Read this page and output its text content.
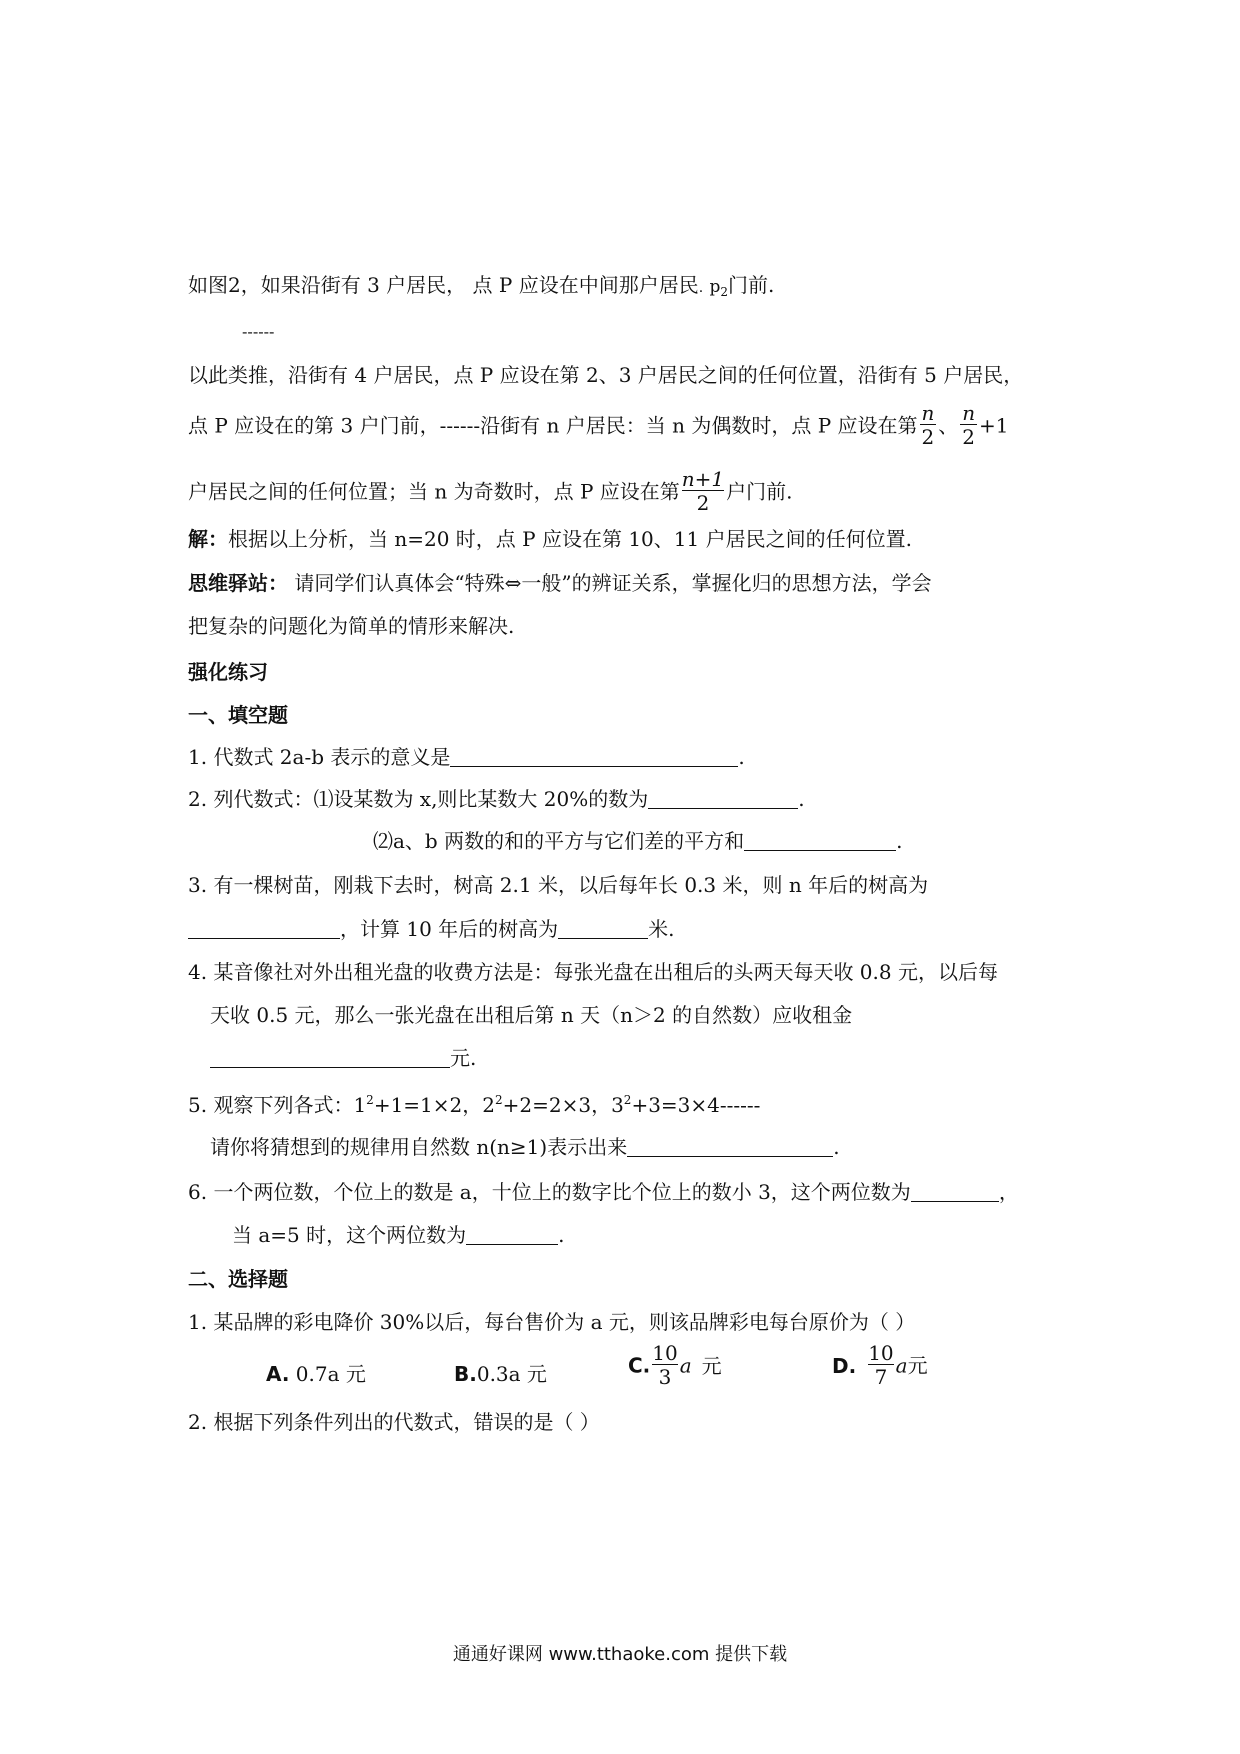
如图2，如果沿街有 3 户居民， 点 P 应设在中间那户居民. $p_2$门前.
------
以此类推，沿街有 4 户居民，点 P 应设在第 2、3 户居民之间的任何位置，沿街有 5 户居民，
点 P 应设在的第 3 户门前，------沿街有 n 户居民：当 n 为偶数时，点 P 应设在第 $\frac{n}{2}$ 、 $\frac{n}{2} +1$
户居民之间的任何位置；当 n 为奇数时，点 P 应设在第 $\frac{n+1}{2}$ 户门前.
解：根据以上分析，当 n=20 时，点 P 应设在第 10、11 户居民之间的任何位置.
思维驿站： 请同学们认真体会“特殊⇔一般”的辨证关系，掌握化归的思想方法，学会
把复杂的问题化为简单的情形来解决.
强化练习
一、填空题
1. 代数式 2a-b 表示的意义是	.
2. 列代数式：⑴设某数为 x,则比某数大 20%的数为	.
⑵a、b 两数的和的平方与它们差的平方和	.
3. 有一棵树苗，刚栽下去时，树高 2.1 米，以后每年长 0.3 米，则 n 年后的树高为
，计算 10 年后的树高为	米.
4. 某音像社对外出租光盘的收费方法是：每张光盘在出租后的头两天每天收 0.8 元，以后每
天收 0.5 元，那么一张光盘在出租后第 n 天（n＞2 的自然数）应收租金
元.
5. 观察下列各式：$1^2+1=1\times 2$，$2^2+2=2\times 3$，$3^2+3=3\times 4------$
请你将猜想到的规律用自然数 n(n≥1)表示出来	.
6. 一个两位数，个位上的数是 a，十位上的数字比个位上的数小 3，这个两位数为	，
当 a=5 时，这个两位数为	.
二、选择题
1. 某品牌的彩电降价 30%以后，每台售价为 a 元，则该品牌彩电每台原价为（ ）
A. 0.7a 元	B.0.3a 元	C. $\frac{10}{3}$ a 元	D. $\frac{10}{7}$ a元
2. 根据下列条件列出的代数式，错误的是（ ）
通通好课网 www.tthaoke.com 提供下载
